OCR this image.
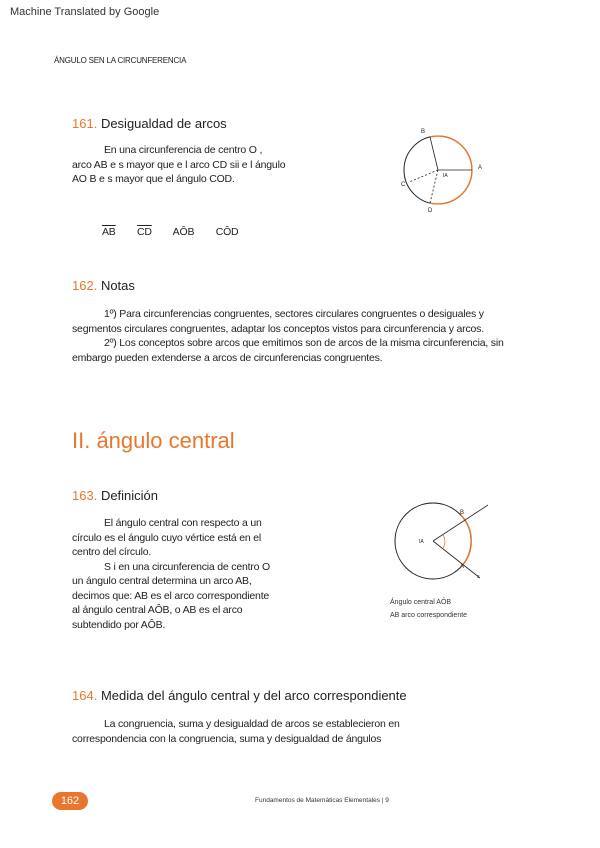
Machine Translated by Google
ÁNGULO SEN LA CIRCUNFERENCIA
161. Desigualdad de arcos
En una circunferencia de centro O ,
arco AB e s mayor que e l arco CD sii e l ángulo
AO B e s mayor que el ángulo COD.
$\overline{AB}$ $\overline{CD}$ AÔB CÔD
B
A
C
D
IA
162. Notas
1º) Para circunferencias congruentes, sectores circulares congruentes o desiguales y segmentos circulares congruentes, adaptar los conceptos vistos para circunferencia y arcos.
2º) Los conceptos sobre arcos que emitimos son de arcos de la misma circunferencia, sin embargo pueden extenderse a arcos de circunferencias congruentes.
II. ángulo central
163. Definición
El ángulo central con respecto a un
círculo es el ángulo cuyo vértice está en el
centro del círculo.
S i en una circunferencia de centro O
un ángulo central determina un arco AB,
decimos que: AB es el arco correspondiente
al ángulo central AÔB, o AB es el arco
subtendido por AÔB.
B
A
IA
s
Ángulo central AÔB
AB arco correspondiente
164. Medida del ángulo central y del arco correspondiente
La congruencia, suma y desigualdad de arcos se establecieron en
correspondencia con la congruencia, suma y desigualdad de ángulos
162	Fundamentos de Matemáticas Elementales | 9
